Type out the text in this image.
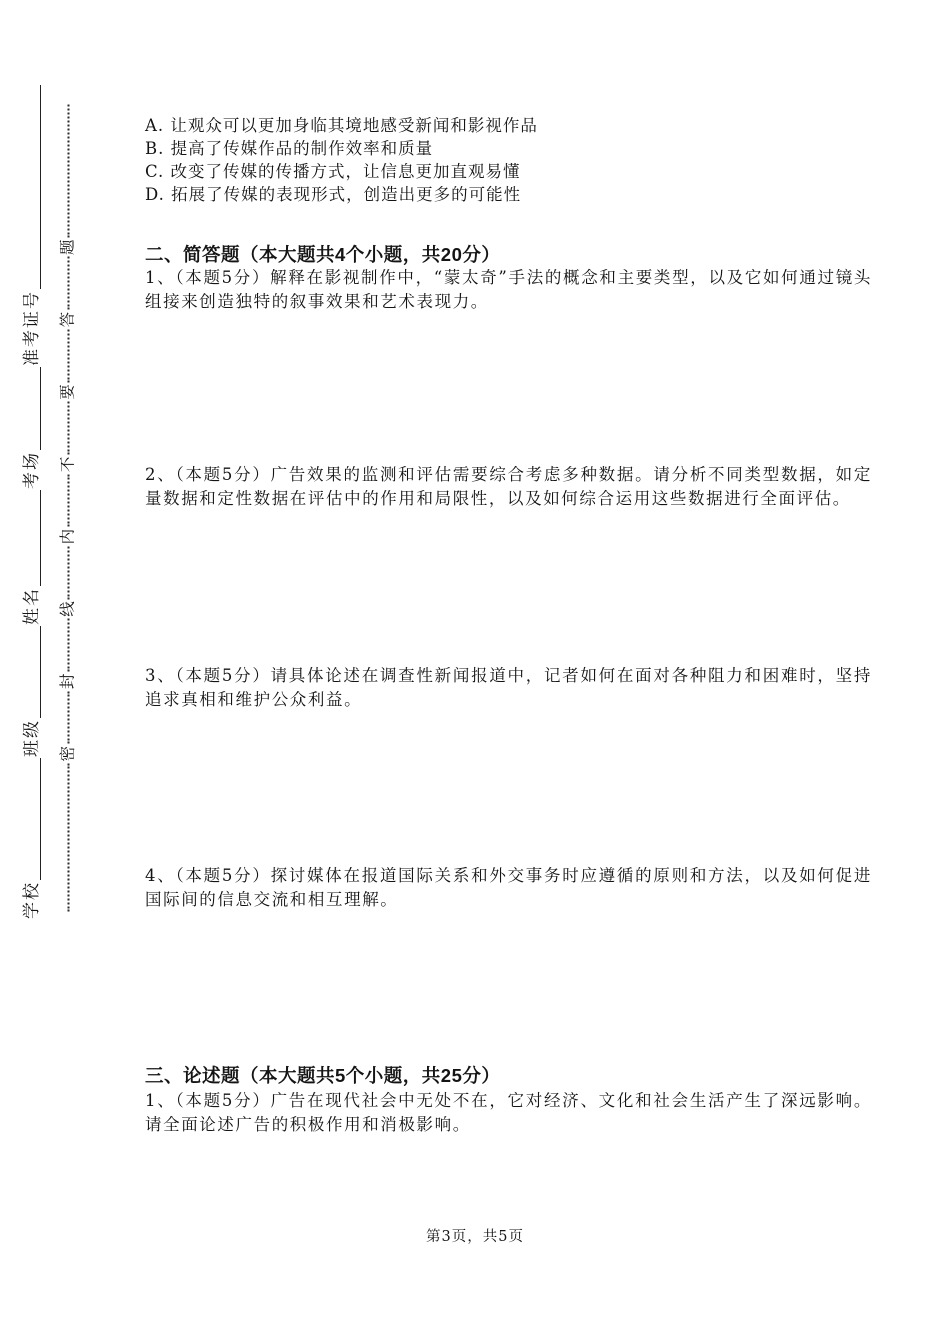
学校
班级
姓名
考场
准考证号
密
封
线
内
不
要
答
题
A. 让观众可以更加身临其境地感受新闻和影视作品
B. 提高了传媒作品的制作效率和质量
C. 改变了传媒的传播方式，让信息更加直观易懂
D. 拓展了传媒的表现形式，创造出更多的可能性
二、简答题（本大题共4个小题，共20分）

1、（本题5分）解释在影视制作中，“蒙太奇”手法的概念和主要类型，以及它如何通过镜头组接来创造独特的叙事效果和艺术表现力。

2、（本题5分）广告效果的监测和评估需要综合考虑多种数据。请分析不同类型数据，如定量数据和定性数据在评估中的作用和局限性，以及如何综合运用这些数据进行全面评估。

3、（本题5分）请具体论述在调查性新闻报道中，记者如何在面对各种阻力和困难时，坚持追求真相和维护公众利益。

4、（本题5分）探讨媒体在报道国际关系和外交事务时应遵循的原则和方法，以及如何促进国际间的信息交流和相互理解。

三、论述题（本大题共5个小题，共25分）

1、（本题5分）广告在现代社会中无处不在，它对经济、文化和社会生活产生了深远影响。请全面论述广告的积极作用和消极影响。

第3页，共5页
